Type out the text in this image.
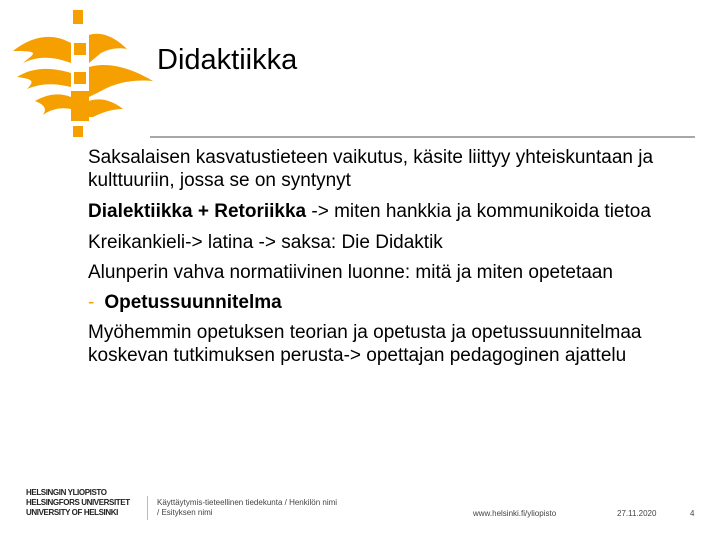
Didaktiikka

Saksalaisen kasvatustieteen vaikutus, käsite liittyy yhteiskuntaan ja kulttuuriin, jossa se on syntynyt

Dialektiikka + Retoriikka -> miten hankkia ja kommunikoida tietoa

Kreikankieli-> latina -> saksa: Die Didaktik

Alunperin vahva normatiivinen luonne: mitä ja miten opetetaan

- Opetussuunnitelma

Myöhemmin opetuksen teorian ja opetusta ja opetussuunnitelmaa koskevan tutkimuksen perusta-> opettajan pedagoginen ajattelu

HELSINGIN YLIOPISTO
HELSINGFORS UNIVERSITET
UNIVERSITY OF HELSINKI
Käyttäytymis-tieteellinen tiedekunta / Henkilön nimi
/ Esityksen nimi	www.helsinki.fi/yliopisto	27.11.2020	4
